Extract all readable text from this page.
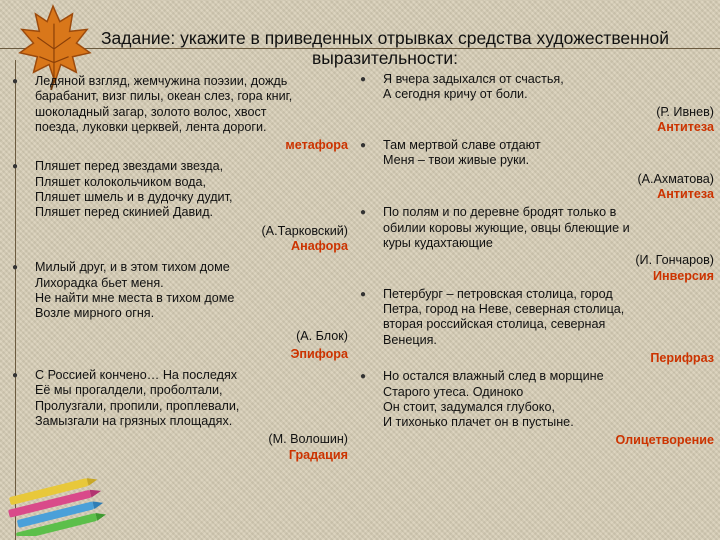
Задание: укажите в приведенных отрывках средства художественной выразительности:
● Ледяной взгляд, жемчужина поэзии, дождь
барабанит, визг пилы, океан слез, гора книг,
шоколадный загар, золото волос, хвост
поезда, луковки церквей, лента дороги.
метафора
● Пляшет перед звездами звезда,
Пляшет колокольчиком вода,
Пляшет шмель и в дудочку дудит,
Пляшет перед скинией Давид.
(А.Тарковский)
Анафора
● Милый друг, и в этом тихом доме
Лихорадка бьет меня.
Не найти мне места в тихом доме
Возле мирного огня.
(А. Блок)
Эпифора
● С Россией кончено… На последях
Её мы прогалдели, проболтали,
Пролузгали, пропили, проплевали,
Замызгали на грязных площадях.
(М. Волошин)
Градация
● Я вчера задыхался от счастья,
А сегодня кричу от боли.
(Р. Ивнев)
Антитеза
● Там мертвой славе отдают
Меня – твои живые руки.
(А.Ахматова)
Антитеза
● По полям и по деревне бродят только в
обилии коровы жующие, овцы блеющие и
куры кудахтающие
(И. Гончаров)
Инверсия
● Петербург – петровская столица, город
Петра, город на Неве, северная столица,
вторая российская столица, северная
Венеция.
Перифраз
● Но остался влажный след в морщине
Старого утеса. Одиноко
Он стоит, задумался глубоко,
И тихонько плачет он в пустыне.
Олицетворение
